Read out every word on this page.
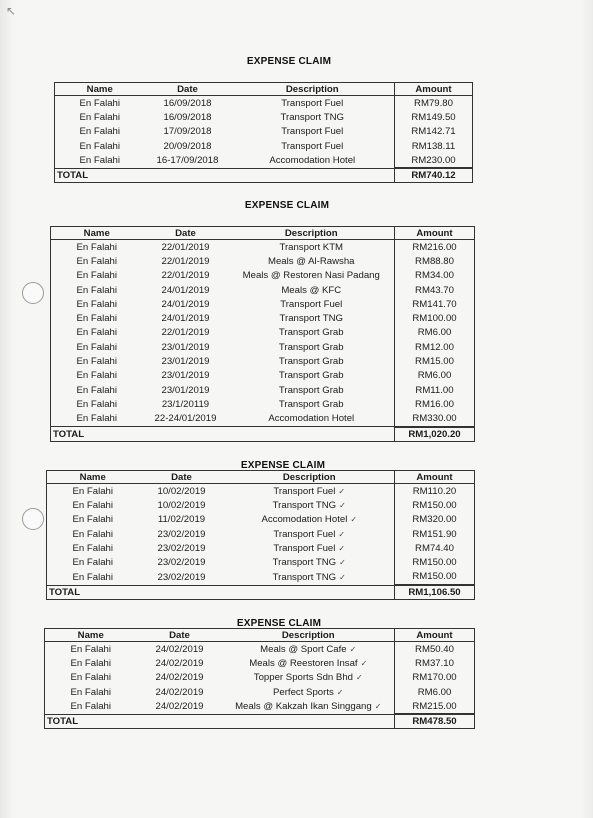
↖
EXPENSE CLAIM
Name	Date	Description	Amount
En Falahi	16/09/2018	Transport Fuel	RM79.80
En Falahi	16/09/2018	Transport TNG	RM149.50
En Falahi	17/09/2018	Transport Fuel	RM142.71
En Falahi	20/09/2018	Transport Fuel	RM138.11
En Falahi	16-17/09/2018	Accomodation Hotel	RM230.00
TOTAL			RM740.12
EXPENSE CLAIM
Name	Date	Description	Amount
En Falahi	22/01/2019	Transport KTM	RM216.00
En Falahi	22/01/2019	Meals @ Al-Rawsha	RM88.80
En Falahi	22/01/2019	Meals @ Restoren Nasi Padang	RM34.00
En Falahi	24/01/2019	Meals @ KFC	RM43.70
En Falahi	24/01/2019	Transport Fuel	RM141.70
En Falahi	24/01/2019	Transport TNG	RM100.00
En Falahi	22/01/2019	Transport Grab	RM6.00
En Falahi	23/01/2019	Transport Grab	RM12.00
En Falahi	23/01/2019	Transport Grab	RM15.00
En Falahi	23/01/2019	Transport Grab	RM6.00
En Falahi	23/01/2019	Transport Grab	RM11.00
En Falahi	23/1/20119	Transport Grab	RM16.00
En Falahi	22-24/01/2019	Accomodation Hotel	RM330.00
TOTAL			RM1,020.20
EXPENSE CLAIM
Name	Date	Description	Amount
En Falahi	10/02/2019	Transport Fuel ✓	RM110.20
En Falahi	10/02/2019	Transport TNG ✓	RM150.00
En Falahi	11/02/2019	Accomodation Hotel ✓	RM320.00
En Falahi	23/02/2019	Transport Fuel ✓	RM151.90
En Falahi	23/02/2019	Transport Fuel ✓	RM74.40
En Falahi	23/02/2019	Transport TNG ✓	RM150.00
En Falahi	23/02/2019	Transport TNG ✓	RM150.00
TOTAL			RM1,106.50
EXPENSE CLAIM
Name	Date	Description	Amount
En Falahi	24/02/2019	Meals @ Sport Cafe ✓	RM50.40
En Falahi	24/02/2019	Meals @ Reestoren Insaf ✓	RM37.10
En Falahi	24/02/2019	Topper Sports Sdn Bhd ✓	RM170.00
En Falahi	24/02/2019	Perfect Sports ✓	RM6.00
En Falahi	24/02/2019	Meals @ Kakzah Ikan Singgang ✓	RM215.00
TOTAL			RM478.50
